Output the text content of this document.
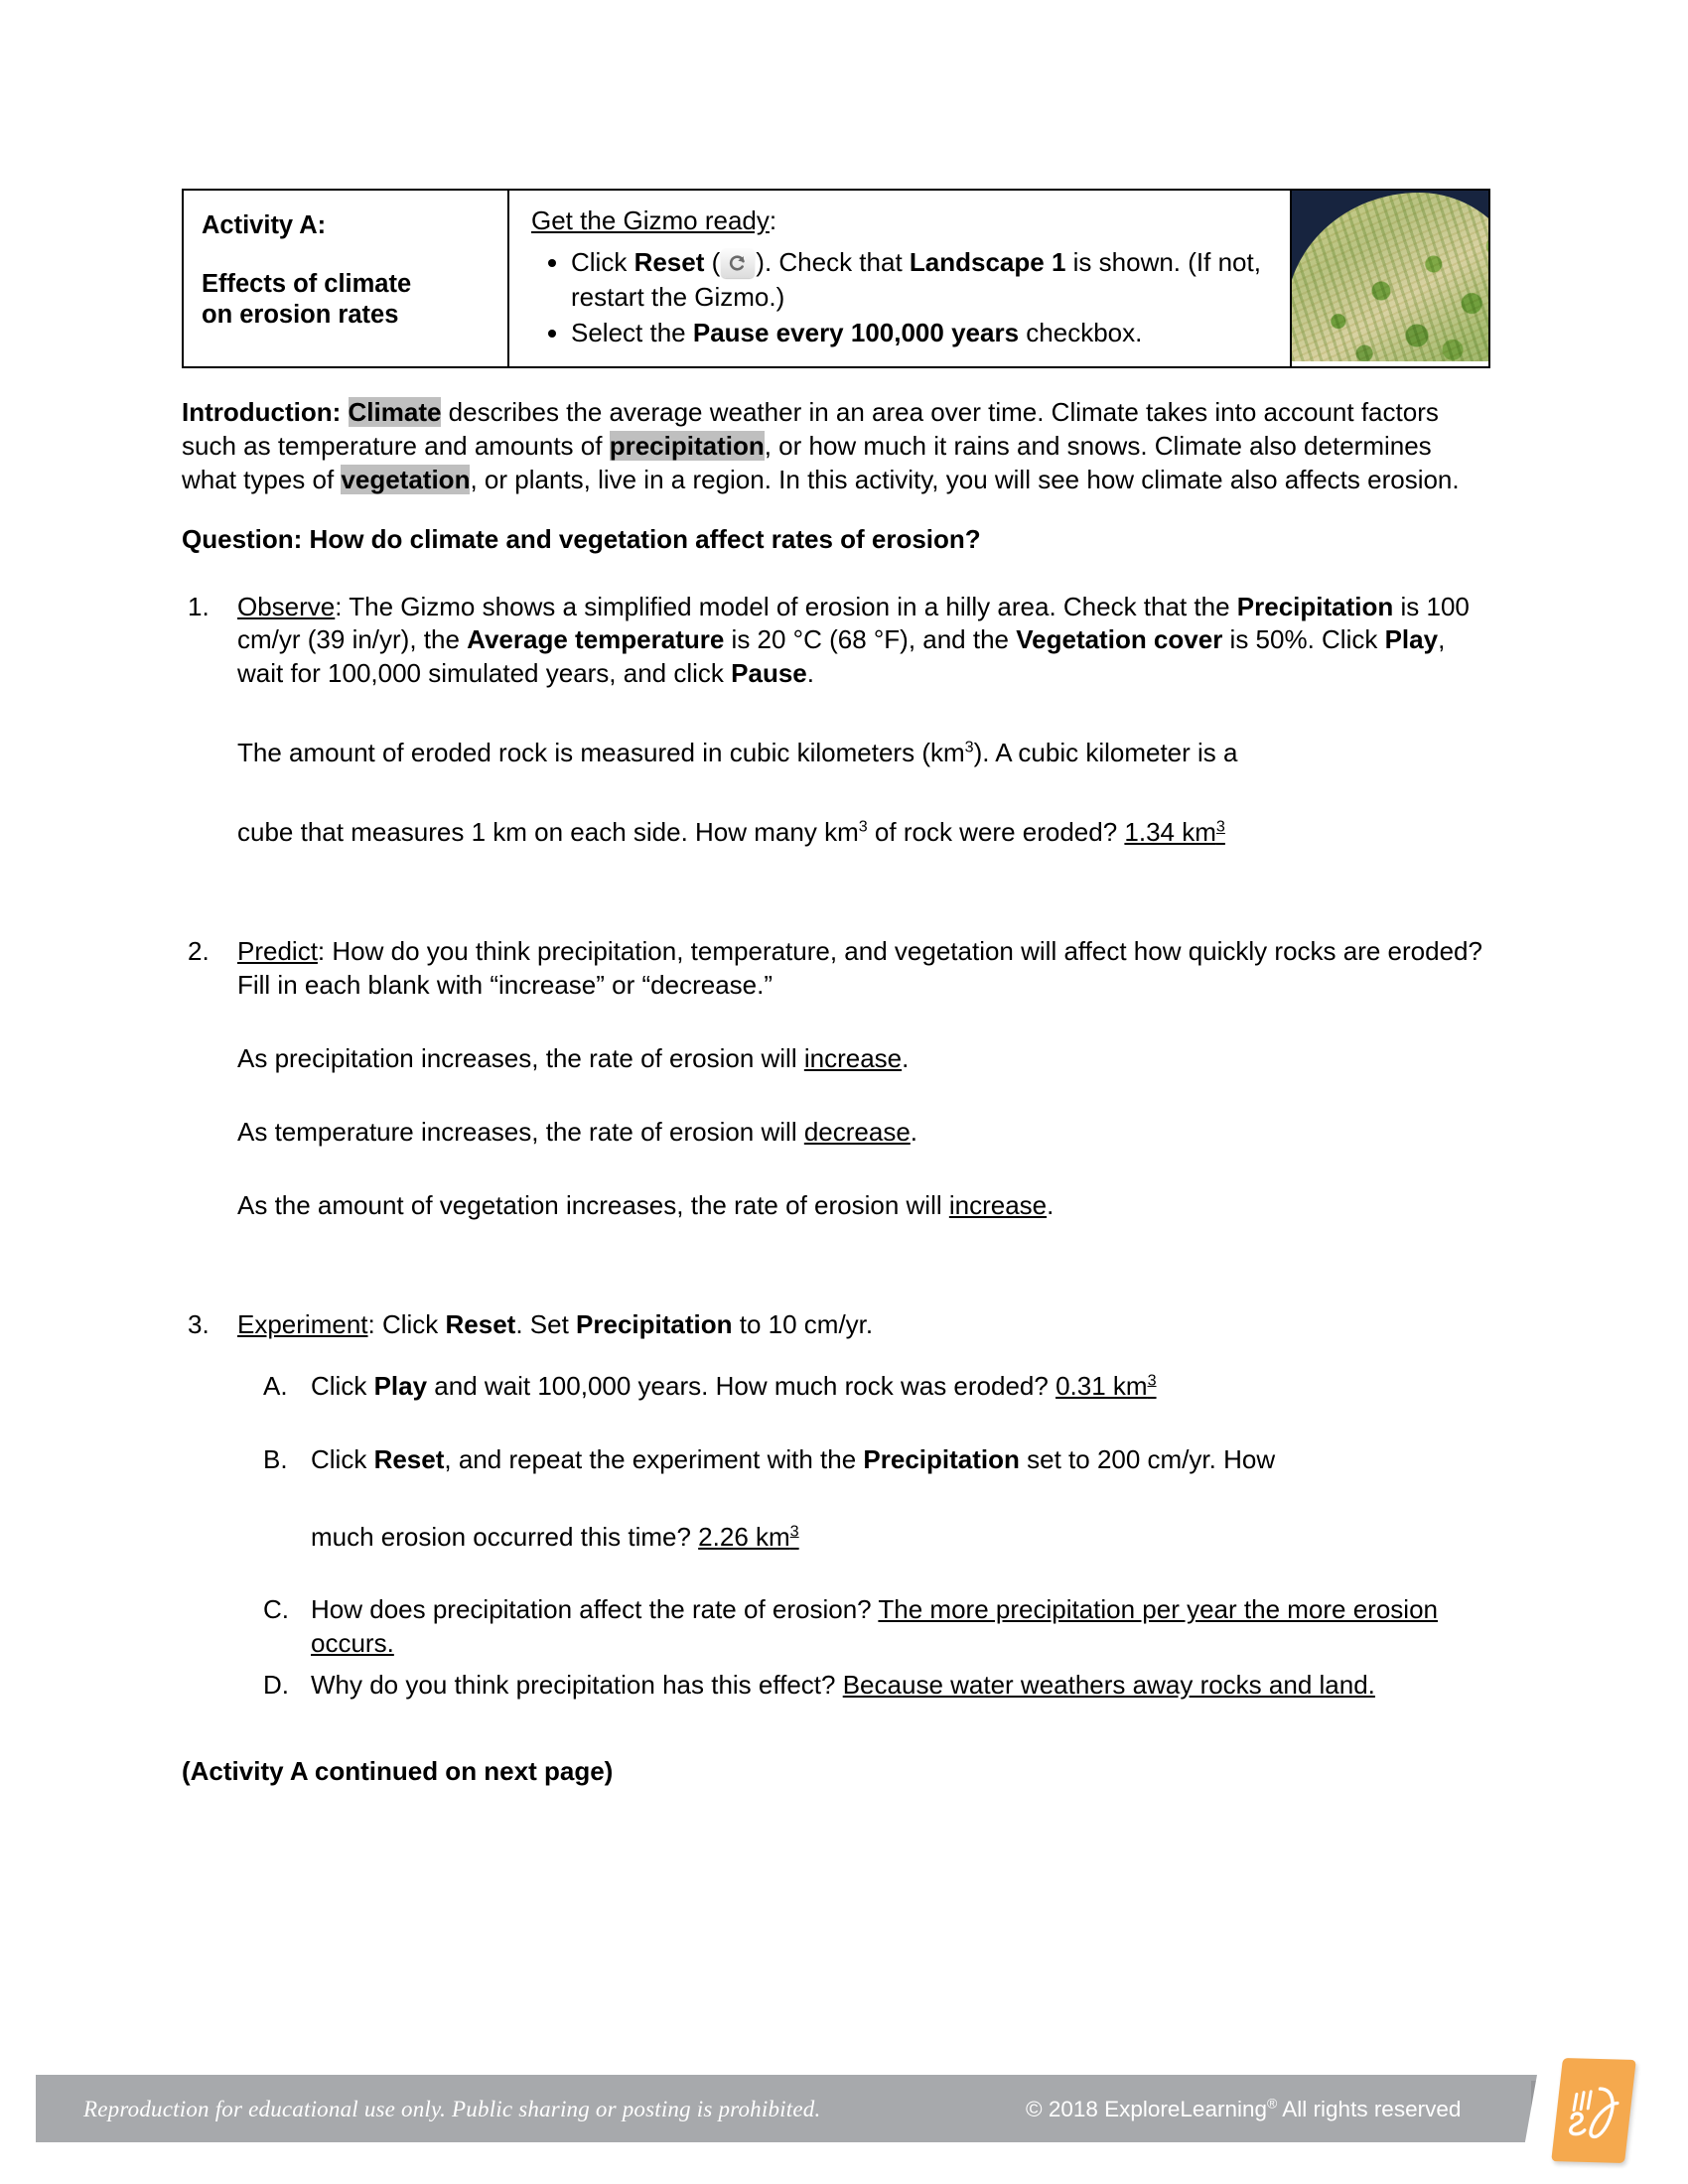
Activity A:

Effects of climate
on erosion rates

Get the Gizmo ready:

• Click Reset ( ). Check that Landscape 1 is shown. (If not, restart the Gizmo.)
• Select the Pause every 100,000 years checkbox.

Introduction: Climate describes the average weather in an area over time. Climate takes into account factors such as temperature and amounts of precipitation, or how much it rains and snows. Climate also determines what types of vegetation, or plants, live in a region. In this activity, you will see how climate also affects erosion.

Question: How do climate and vegetation affect rates of erosion?

1.	Observe: The Gizmo shows a simplified model of erosion in a hilly area. Check that the Precipitation is 100 cm/yr (39 in/yr), the Average temperature is 20 °C (68 °F), and the Vegetation cover is 50%. Click Play, wait for 100,000 simulated years, and click Pause.

The amount of eroded rock is measured in cubic kilometers $(km^3)$. A cubic kilometer is a

cube that measures 1 km on each side. How many $km^3$ of rock were eroded? 1.34 $km^3$

2.	Predict: How do you think precipitation, temperature, and vegetation will affect how quickly rocks are eroded? Fill in each blank with “increase” or “decrease.”

As precipitation increases, the rate of erosion will increase.

As temperature increases, the rate of erosion will decrease.

As the amount of vegetation increases, the rate of erosion will increase.

3.	Experiment: Click Reset. Set Precipitation to 10 cm/yr.
A. Click Play and wait 100,000 years. How much rock was eroded? 0.31 $km^3$
B. Click Reset, and repeat the experiment with the Precipitation set to 200 cm/yr. How

much erosion occurred this time? 2.26 $km^3$

C. How does precipitation affect the rate of erosion? The more precipitation per year the more erosion occurs.
D. Why do you think precipitation has this effect? Because water weathers away rocks and land.

(Activity A continued on next page)

Reproduction for educational use only. Public sharing or posting is prohibited.	© 2018 ExploreLearning® All rights reserved
